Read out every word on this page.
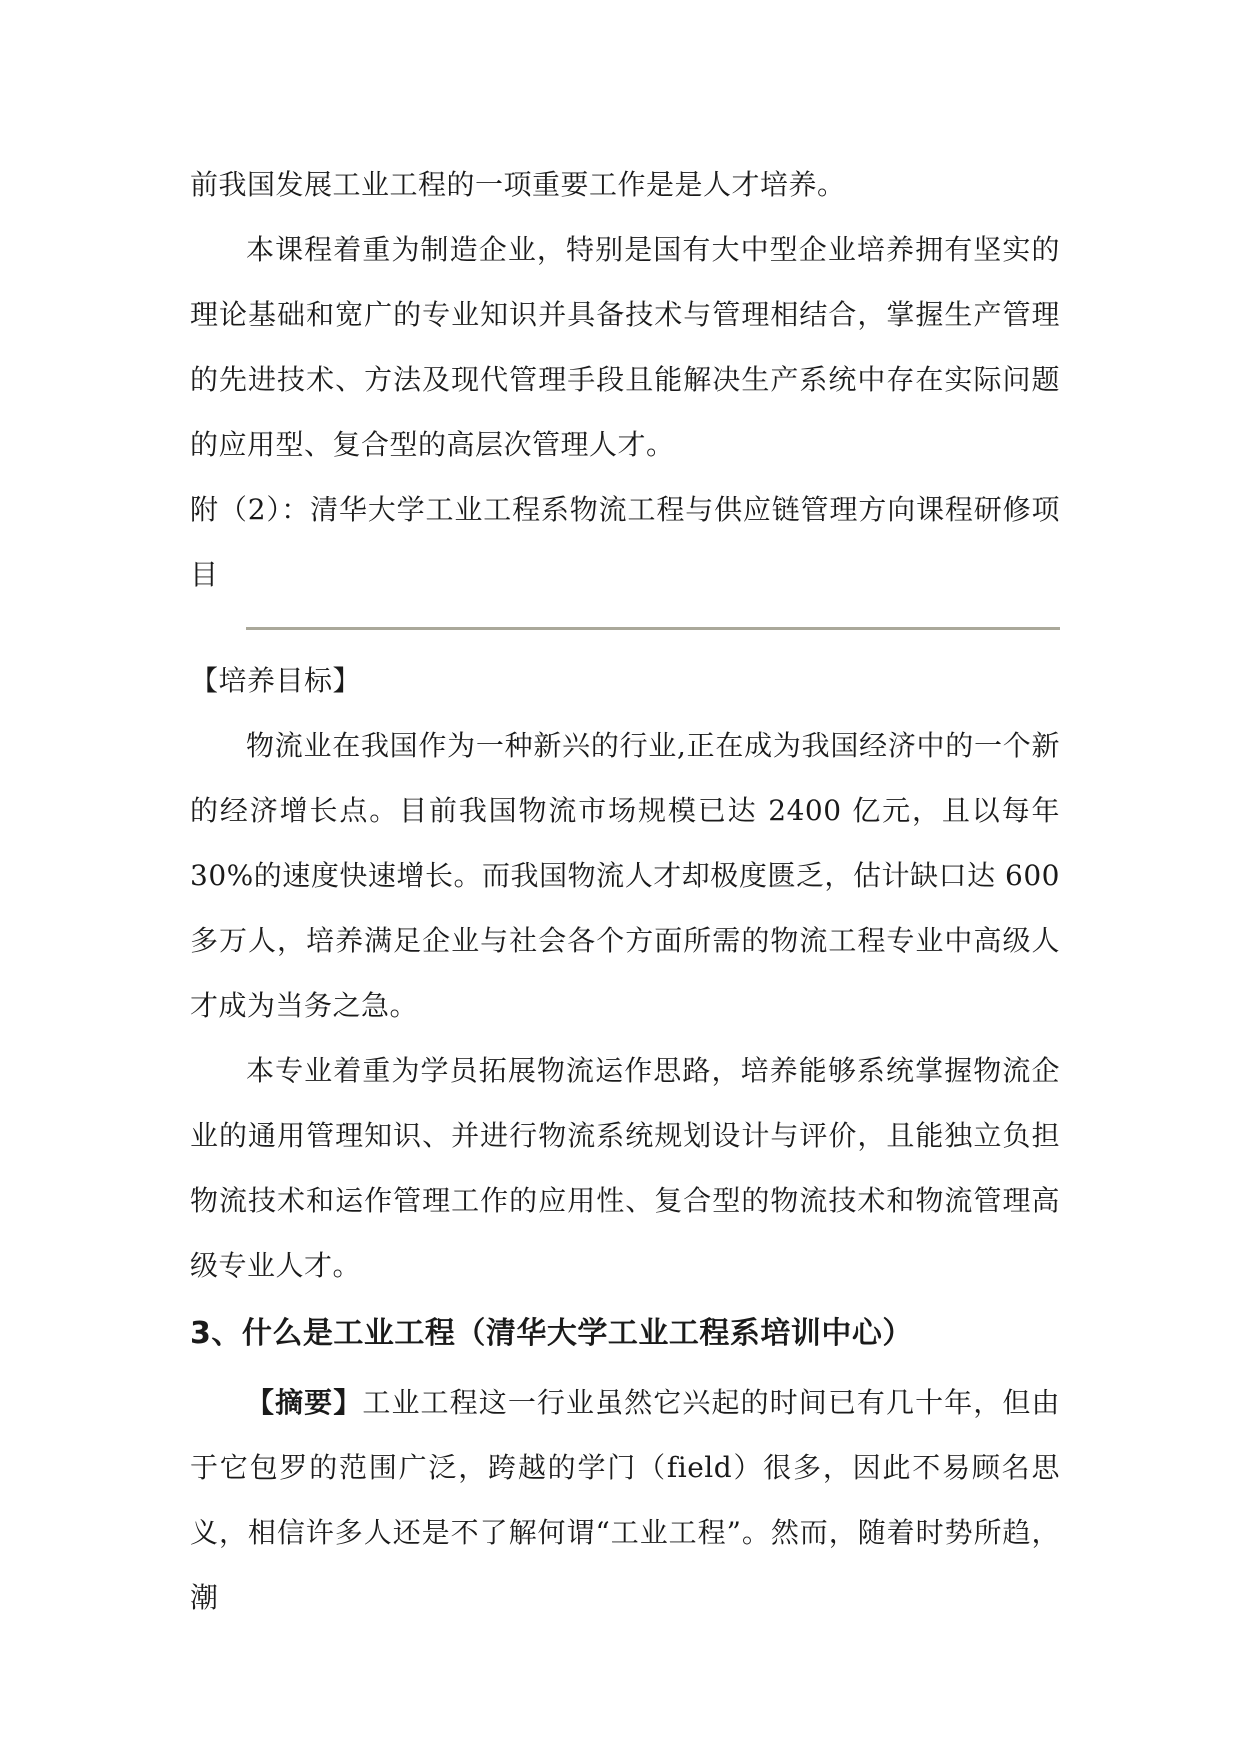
前我国发展工业工程的一项重要工作是是人才培养。

本课程着重为制造企业，特别是国有大中型企业培养拥有坚实的理论基础和宽广的专业知识并具备技术与管理相结合，掌握生产管理的先进技术、方法及现代管理手段且能解决生产系统中存在实际问题的应用型、复合型的高层次管理人才。

附（2）：清华大学工业工程系物流工程与供应链管理方向课程研修项目

【培养目标】

物流业在我国作为一种新兴的行业,正在成为我国经济中的一个新的经济增长点。目前我国物流市场规模已达 2400 亿元，且以每年 30%的速度快速增长。而我国物流人才却极度匮乏，估计缺口达 600 多万人，培养满足企业与社会各个方面所需的物流工程专业中高级人才成为当务之急。

本专业着重为学员拓展物流运作思路，培养能够系统掌握物流企业的通用管理知识、并进行物流系统规划设计与评价，且能独立负担物流技术和运作管理工作的应用性、复合型的物流技术和物流管理高级专业人才。

3、什么是工业工程（清华大学工业工程系培训中心）

【摘要】工业工程这一行业虽然它兴起的时间已有几十年，但由于它包罗的范围广泛，跨越的学门（field）很多，因此不易顾名思义，相信许多人还是不了解何谓“工业工程”。然而，随着时势所趋，潮
